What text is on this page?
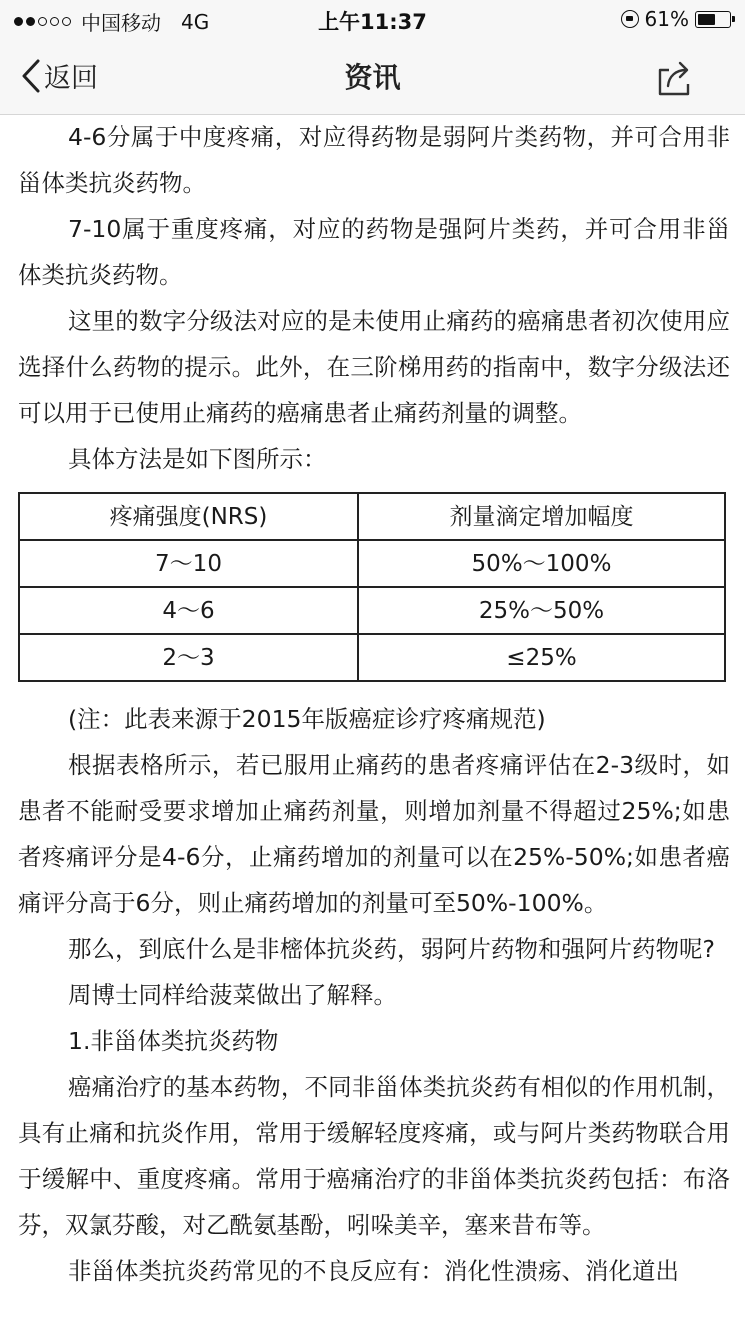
中国移动 4G	上午11:37	61%
返回	资讯

4-6分属于中度疼痛，对应得药物是弱阿片类药物，并可合用非甾体类抗炎药物。

7-10属于重度疼痛，对应的药物是强阿片类药，并可合用非甾体类抗炎药物。

这里的数字分级法对应的是未使用止痛药的癌痛患者初次使用应选择什么药物的提示。此外，在三阶梯用药的指南中，数字分级法还可以用于已使用止痛药的癌痛患者止痛药剂量的调整。

具体方法是如下图所示：

疼痛强度(NRS)	剂量滴定增加幅度
7～10	50%～100%
4～6	25%～50%
2～3	≤25%

(注：此表来源于2015年版癌症诊疗疼痛规范)

根据表格所示，若已服用止痛药的患者疼痛评估在2-3级时，如患者不能耐受要求增加止痛药剂量，则增加剂量不得超过25%;如患者疼痛评分是4-6分，止痛药增加的剂量可以在25%-50%;如患者癌痛评分高于6分，则止痛药增加的剂量可至50%-100%。

那么，到底什么是非樒体抗炎药，弱阿片药物和强阿片药物呢?

周博士同样给菠菜做出了解释。

1.非甾体类抗炎药物

癌痛治疗的基本药物，不同非甾体类抗炎药有相似的作用机制，具有止痛和抗炎作用，常用于缓解轻度疼痛，或与阿片类药物联合用于缓解中、重度疼痛。常用于癌痛治疗的非甾体类抗炎药包括：布洛芬，双氯芬酸，对乙酰氨基酚，吲哚美辛，塞来昔布等。

非甾体类抗炎药常见的不良反应有：消化性溃疡、消化道出
